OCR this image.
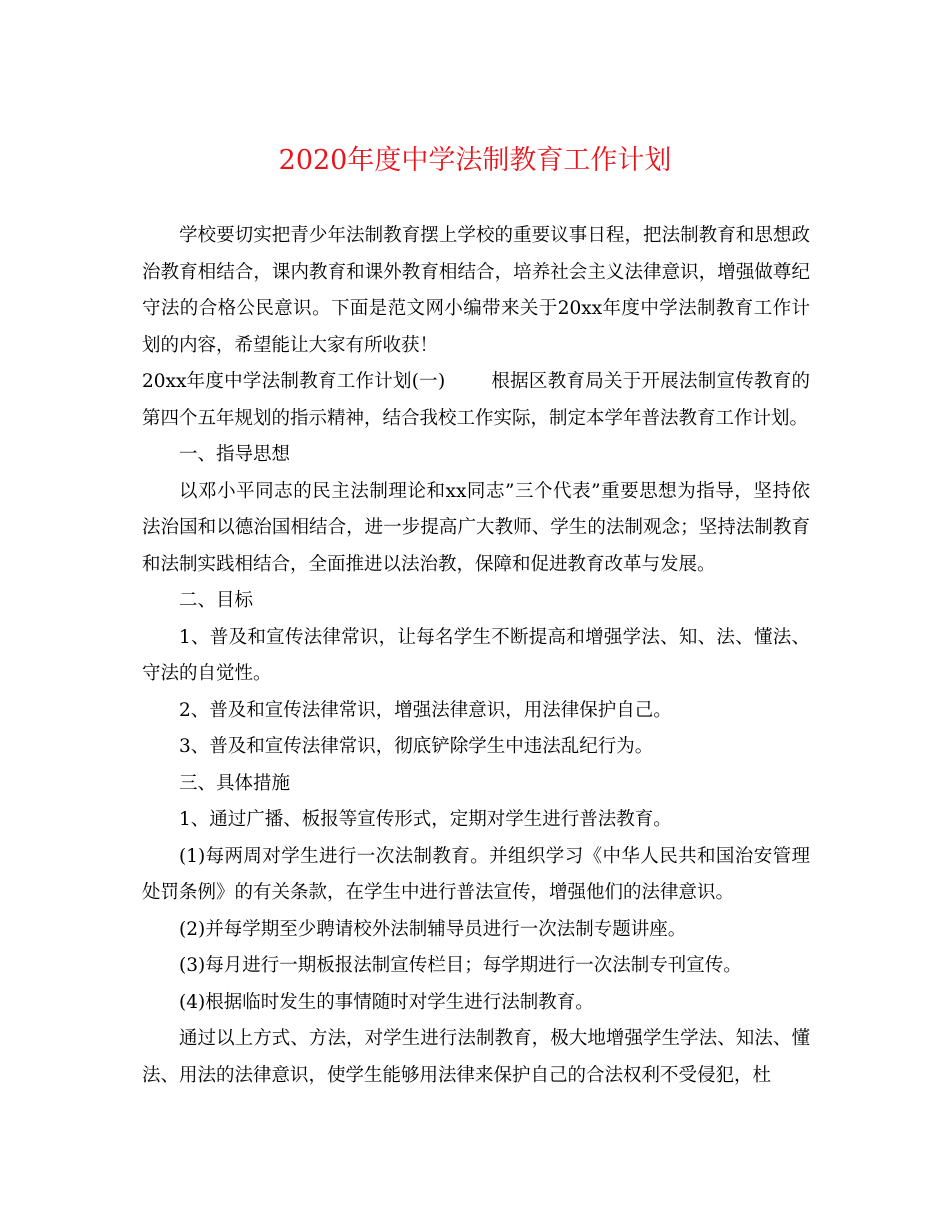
2020年度中学法制教育工作计划

学校要切实把青少年法制教育摆上学校的重要议事日程，把法制教育和思想政治教育相结合，课内教育和课外教育相结合，培养社会主义法律意识，增强做尊纪守法的合格公民意识。下面是范文网小编带来关于20xx年度中学法制教育工作计划的内容，希望能让大家有所收获！

20xx年度中学法制教育工作计划(一) 根据区教育局关于开展法制宣传教育的第四个五年规划的指示精神，结合我校工作实际，制定本学年普法教育工作计划。

一、指导思想

以邓小平同志的民主法制理论和xx同志”三个代表”重要思想为指导，坚持依法治国和以德治国相结合，进一步提高广大教师、学生的法制观念；坚持法制教育和法制实践相结合，全面推进以法治教，保障和促进教育改革与发展。

二、目标

1、普及和宣传法律常识，让每名学生不断提高和增强学法、知、法、懂法、守法的自觉性。

2、普及和宣传法律常识，增强法律意识，用法律保护自己。

3、普及和宣传法律常识，彻底铲除学生中违法乱纪行为。

三、具体措施

1、通过广播、板报等宣传形式，定期对学生进行普法教育。

(1)每两周对学生进行一次法制教育。并组织学习《中华人民共和国治安管理处罚条例》的有关条款，在学生中进行普法宣传，增强他们的法律意识。

(2)并每学期至少聘请校外法制辅导员进行一次法制专题讲座。

(3)每月进行一期板报法制宣传栏目；每学期进行一次法制专刊宣传。

(4)根据临时发生的事情随时对学生进行法制教育。

通过以上方式、方法，对学生进行法制教育，极大地增强学生学法、知法、懂法、用法的法律意识，使学生能够用法律来保护自己的合法权利不受侵犯，杜
